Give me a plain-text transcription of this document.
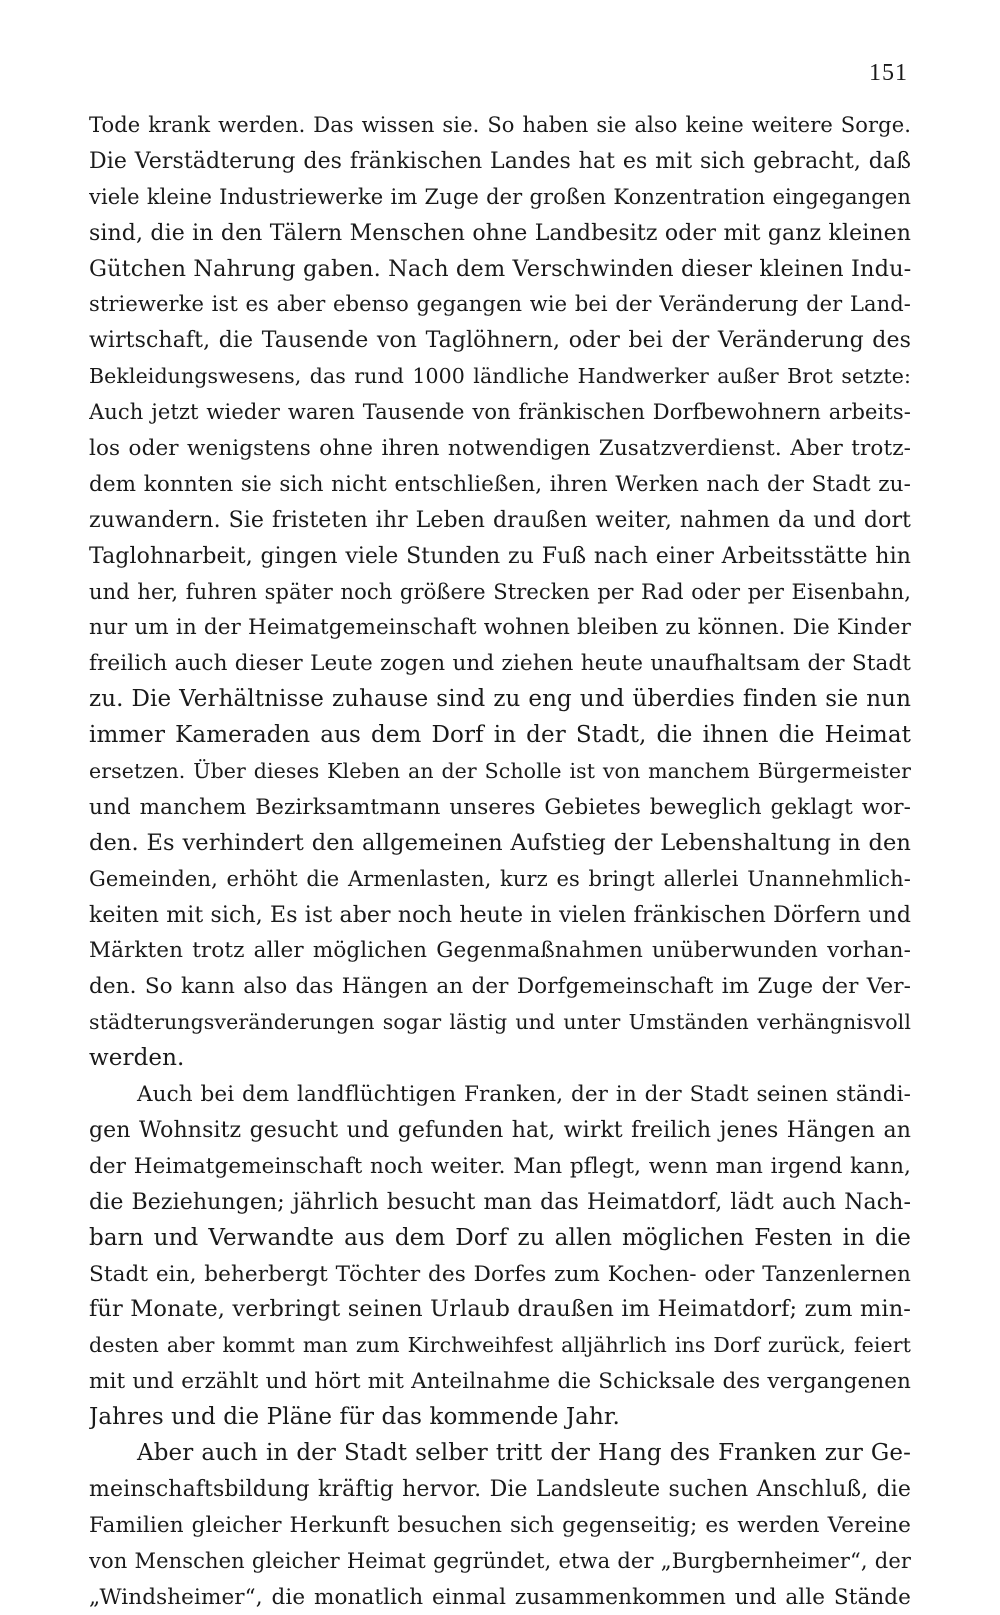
151
Tode krank werden. Das wissen sie. So haben sie also keine weitere Sorge.
Die Verstädterung des fränkischen Landes hat es mit sich gebracht, daß
viele kleine Industriewerke im Zuge der großen Konzentration eingegangen
sind, die in den Tälern Menschen ohne Landbesitz oder mit ganz kleinen
Gütchen Nahrung gaben. Nach dem Verschwinden dieser kleinen Indu-
striewerke ist es aber ebenso gegangen wie bei der Veränderung der Land-
wirtschaft, die Tausende von Taglöhnern, oder bei der Veränderung des
Bekleidungswesens, das rund 1000 ländliche Handwerker außer Brot setzte:
Auch jetzt wieder waren Tausende von fränkischen Dorfbewohnern arbeits-
los oder wenigstens ohne ihren notwendigen Zusatzverdienst. Aber trotz-
dem konnten sie sich nicht entschließen, ihren Werken nach der Stadt zu-
zuwandern. Sie fristeten ihr Leben draußen weiter, nahmen da und dort
Taglohnarbeit, gingen viele Stunden zu Fuß nach einer Arbeitsstätte hin
und her, fuhren später noch größere Strecken per Rad oder per Eisenbahn,
nur um in der Heimatgemeinschaft wohnen bleiben zu können. Die Kinder
freilich auch dieser Leute zogen und ziehen heute unaufhaltsam der Stadt
zu. Die Verhältnisse zuhause sind zu eng und überdies finden sie nun
immer Kameraden aus dem Dorf in der Stadt, die ihnen die Heimat
ersetzen. Über dieses Kleben an der Scholle ist von manchem Bürgermeister
und manchem Bezirksamtmann unseres Gebietes beweglich geklagt wor-
den. Es verhindert den allgemeinen Aufstieg der Lebenshaltung in den
Gemeinden, erhöht die Armenlasten, kurz es bringt allerlei Unannehmlich-
keiten mit sich, Es ist aber noch heute in vielen fränkischen Dörfern und
Märkten trotz aller möglichen Gegenmaßnahmen unüberwunden vorhan-
den. So kann also das Hängen an der Dorfgemeinschaft im Zuge der Ver-
städterungsveränderungen sogar lästig und unter Umständen verhängnisvoll
werden.
Auch bei dem landflüchtigen Franken, der in der Stadt seinen ständi-
gen Wohnsitz gesucht und gefunden hat, wirkt freilich jenes Hängen an
der Heimatgemeinschaft noch weiter. Man pflegt, wenn man irgend kann,
die Beziehungen; jährlich besucht man das Heimatdorf, lädt auch Nach-
barn und Verwandte aus dem Dorf zu allen möglichen Festen in die
Stadt ein, beherbergt Töchter des Dorfes zum Kochen- oder Tanzenlernen
für Monate, verbringt seinen Urlaub draußen im Heimatdorf; zum min-
desten aber kommt man zum Kirchweihfest alljährlich ins Dorf zurück, feiert
mit und erzählt und hört mit Anteilnahme die Schicksale des vergangenen
Jahres und die Pläne für das kommende Jahr.
Aber auch in der Stadt selber tritt der Hang des Franken zur Ge-
meinschaftsbildung kräftig hervor. Die Landsleute suchen Anschluß, die
Familien gleicher Herkunft besuchen sich gegenseitig; es werden Vereine
von Menschen gleicher Heimat gegründet, etwa der „Burgbernheimer“, der
„Windsheimer“, die monatlich einmal zusammenkommen und alle Stände
